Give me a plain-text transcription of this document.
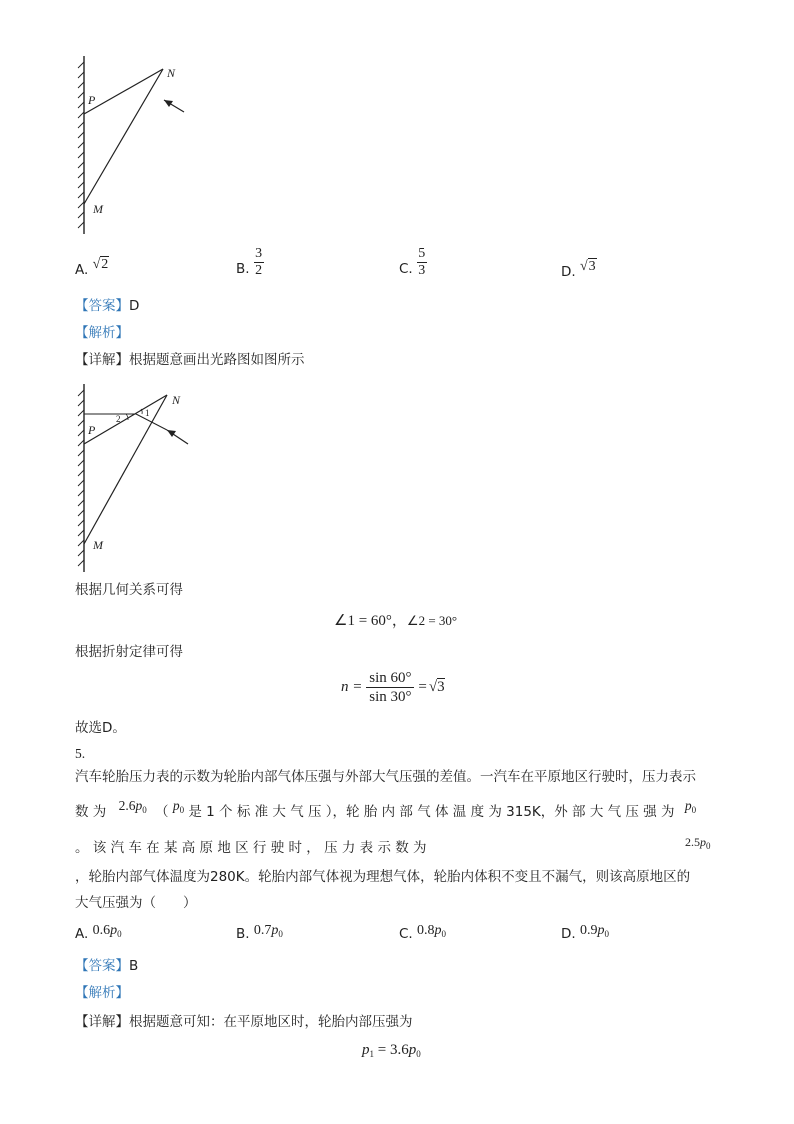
N
P
M
A. √2	B. $\frac{3}{2}$	C. $\frac{5}{3}$	D. √3
【答案】D
【解析】
【详解】根据题意画出光路图如图所示
N
P
M
1
2
根据几何关系可得
∠1 = 60°，∠2 = 30°
根据折射定律可得
n =
sin 60°
sin 30°
= √3
故选D。
5.
汽车轮胎压力表的示数为轮胎内部气体压强与外部大气压强的差值。一汽车在平原地区行驶时，压力表示
数 为 $2.6p_0$ （ $p_0$ 是 1 个 标 准 大 气 压 ），轮 胎 内 部 气 体 温 度 为 315K，外 部 大 气 压 强 为 $p_0$
。 该 汽 车 在 某 高 原 地 区 行 驶 时 ， 压 力 表 示 数 为	$2.5p_0$
，轮胎内部气体温度为280K。轮胎内部气体视为理想气体，轮胎内体积不变且不漏气，则该高原地区的
大气压强为（　　）
A. $0.6p_0$	B. $0.7p_0$	C. $0.8p_0$	D. $0.9p_0$
【答案】B
【解析】
【详解】根据题意可知：在平原地区时，轮胎内部压强为
$p_1 = 3.6p_0$
